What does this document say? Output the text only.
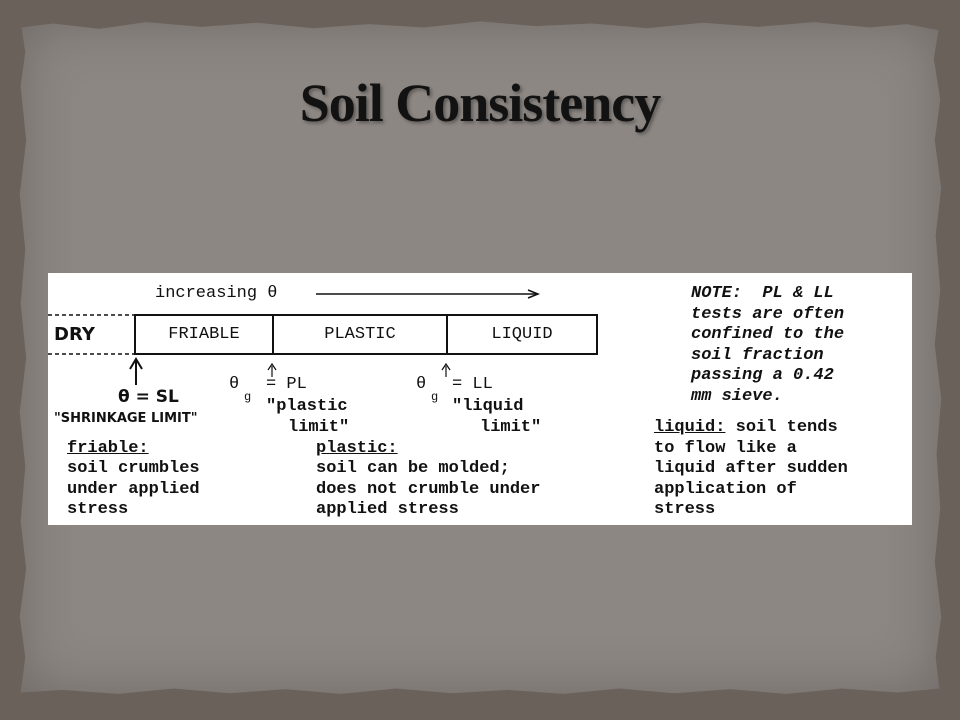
Soil Consistency
increasing θ
DRY	FRIABLE	PLASTIC	LIQUID
θ = SL
"SHRINKAGE LIMIT"
θ
g
= PL
"plastic
limit"
θ
g
= LL
"liquid
limit"
friable:
soil crumbles
under applied
stress
plastic:
soil can be molded;
does not crumble under
applied stress
NOTE:  PL & LL
tests are often
confined to the
soil fraction
passing a 0.42
mm sieve.
liquid: soil tends
to flow like a
liquid after sudden
application of
stress
